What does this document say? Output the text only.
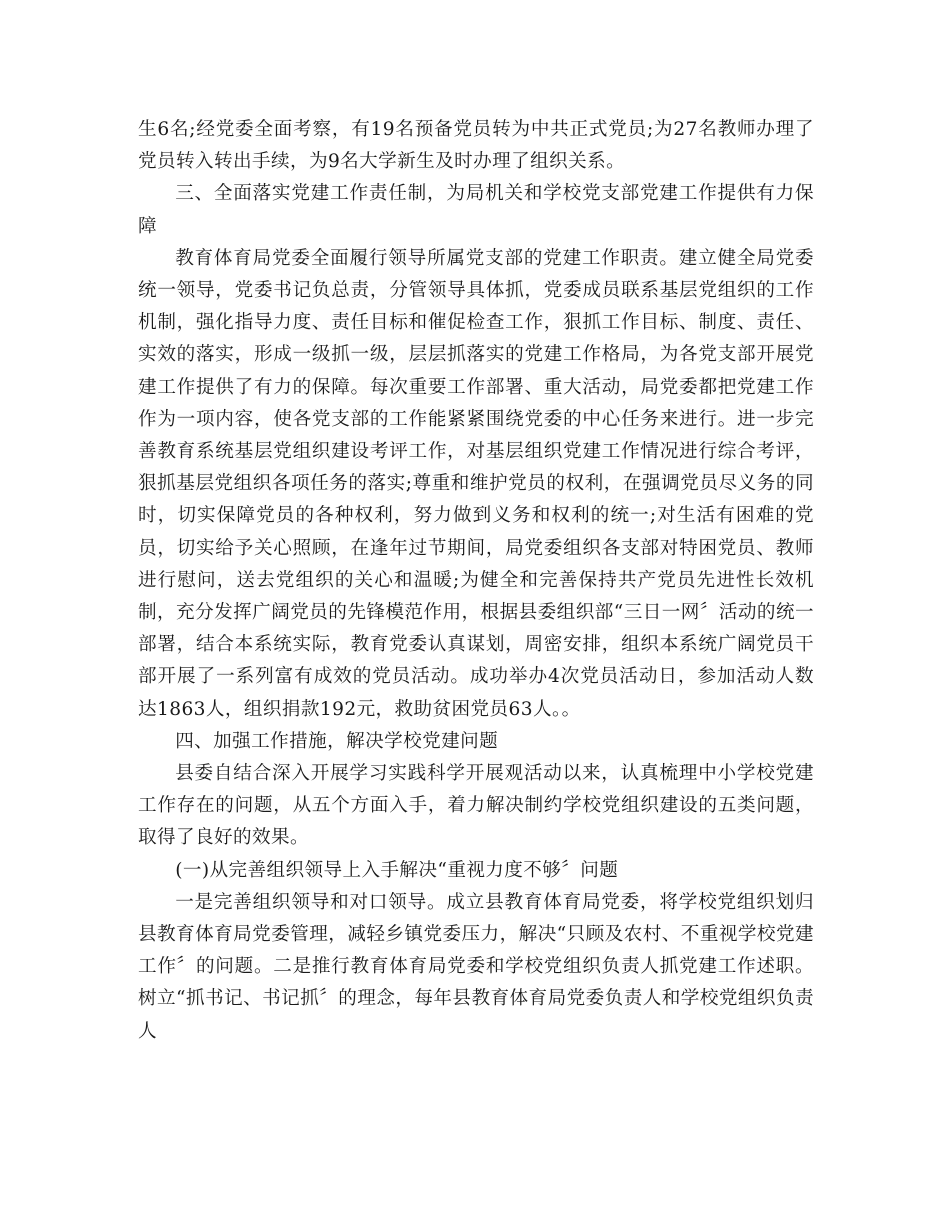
生6名;经党委全面考察，有19名预备党员转为中共正式党员;为27名教师办理了党员转入转出手续，为9名大学新生及时办理了组织关系。

三、全面落实党建工作责任制，为局机关和学校党支部党建工作提供有力保障

教育体育局党委全面履行领导所属党支部的党建工作职责。建立健全局党委统一领导，党委书记负总责，分管领导具体抓，党委成员联系基层党组织的工作机制，强化指导力度、责任目标和催促检查工作，狠抓工作目标、制度、责任、实效的落实，形成一级抓一级，层层抓落实的党建工作格局，为各党支部开展党建工作提供了有力的保障。每次重要工作部署、重大活动，局党委都把党建工作作为一项内容，使各党支部的工作能紧紧围绕党委的中心任务来进行。进一步完善教育系统基层党组织建设考评工作，对基层组织党建工作情况进行综合考评，狠抓基层党组织各项任务的落实;尊重和维护党员的权利，在强调党员尽义务的同时，切实保障党员的各种权利，努力做到义务和权利的统一;对生活有困难的党员，切实给予关心照顾，在逢年过节期间，局党委组织各支部对特困党员、教师进行慰问，送去党组织的关心和温暖;为健全和完善保持共产党员先进性长效机制，充分发挥广阔党员的先锋模范作用，根据县委组织部“三日一网〞活动的统一部署，结合本系统实际，教育党委认真谋划，周密安排，组织本系统广阔党员干部开展了一系列富有成效的党员活动。成功举办4次党员活动日，参加活动人数达1863人，组织捐款192元，救助贫困党员63人。。

四、加强工作措施，解决学校党建问题

县委自结合深入开展学习实践科学开展观活动以来，认真梳理中小学校党建工作存在的问题，从五个方面入手，着力解决制约学校党组织建设的五类问题，取得了良好的效果。

(一)从完善组织领导上入手解决“重视力度不够〞问题

一是完善组织领导和对口领导。成立县教育体育局党委，将学校党组织划归县教育体育局党委管理，减轻乡镇党委压力，解决“只顾及农村、不重视学校党建工作〞的问题。二是推行教育体育局党委和学校党组织负责人抓党建工作述职。树立“抓书记、书记抓〞的理念，每年县教育体育局党委负责人和学校党组织负责人
